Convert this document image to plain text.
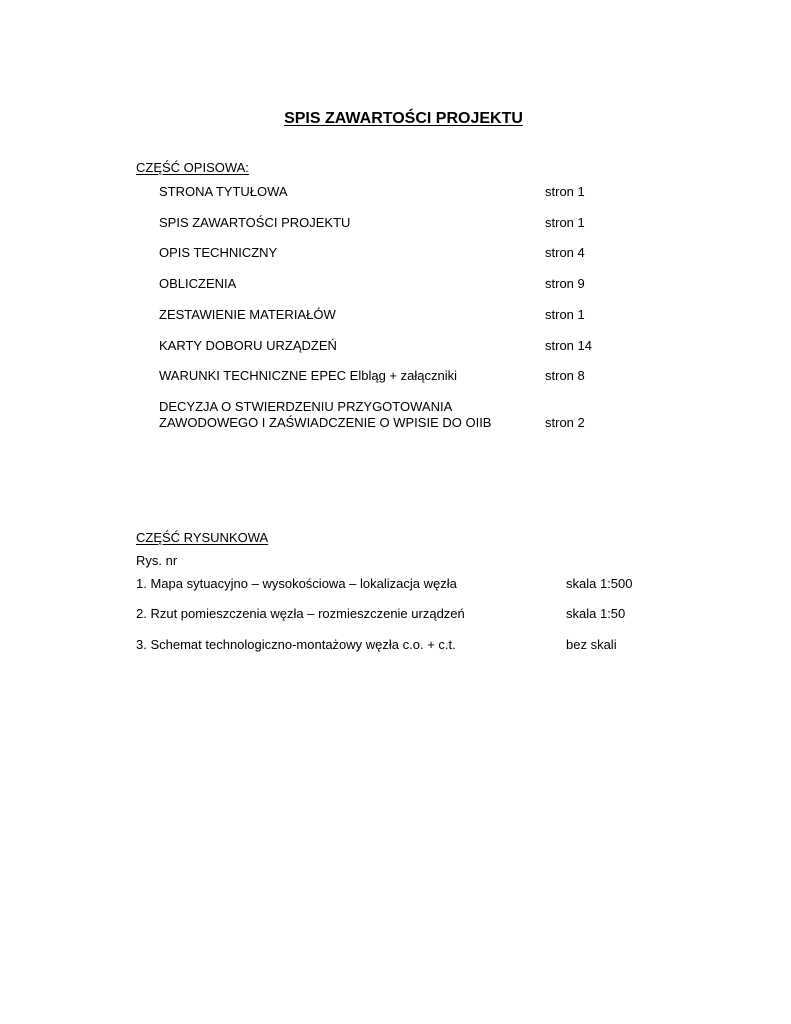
SPIS ZAWARTOŚCI PROJEKTU
CZĘŚĆ OPISOWA:
STRONA TYTUŁOWA	stron 1
SPIS ZAWARTOŚCI PROJEKTU	stron 1
OPIS TECHNICZNY	stron 4
OBLICZENIA	stron 9
ZESTAWIENIE MATERIAŁÓW	stron 1
KARTY DOBORU URZĄDZEŃ	stron 14
WARUNKI TECHNICZNE EPEC Elbląg + załączniki	stron 8
DECYZJA O STWIERDZENIU PRZYGOTOWANIA
ZAWODOWEGO I ZAŚWIADCZENIE O WPISIE DO OIIB	stron 2
CZĘŚĆ RYSUNKOWA
Rys. nr
1. Mapa sytuacyjno – wysokościowa – lokalizacja węzła	skala 1:500
2. Rzut pomieszczenia węzła – rozmieszczenie urządzeń	skala 1:50
3. Schemat technologiczno-montażowy węzła c.o. + c.t.	bez skali
